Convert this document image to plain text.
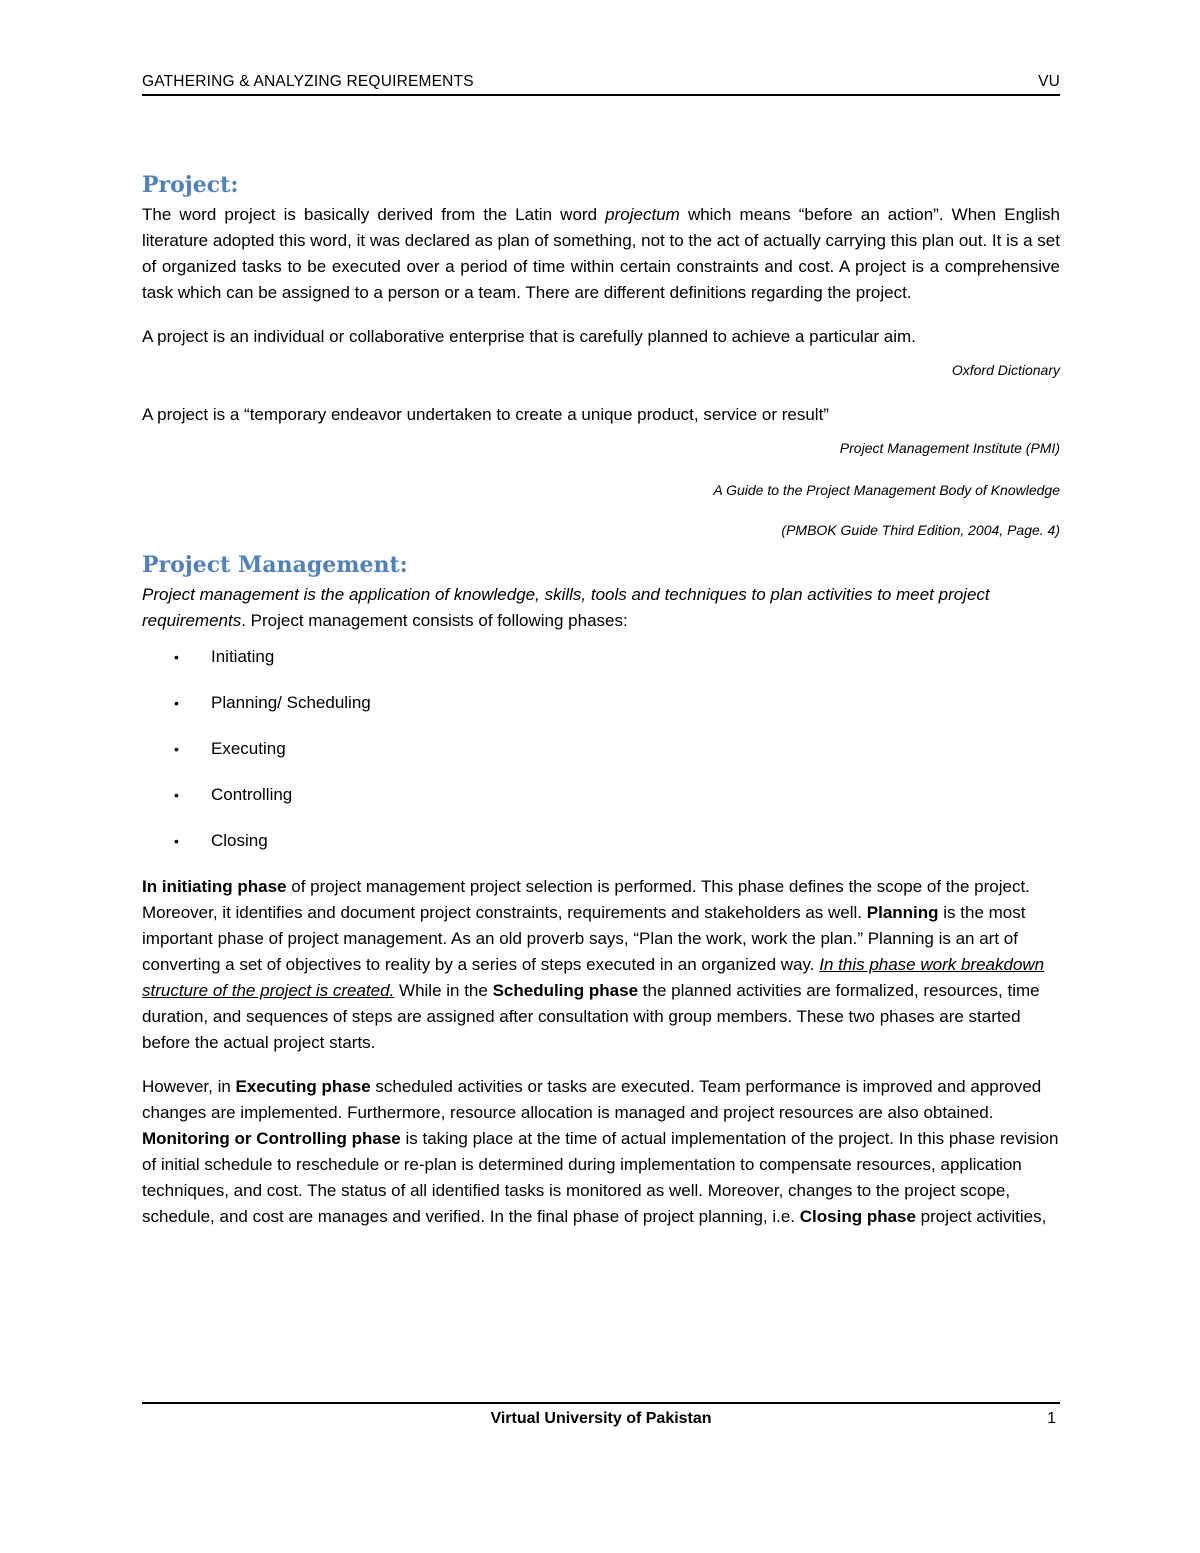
GATHERING & ANALYZING REQUIREMENTS	VU
Project:

The word project is basically derived from the Latin word projectum which means “before an action”. When English literature adopted this word, it was declared as plan of something, not to the act of actually carrying this plan out. It is a set of organized tasks to be executed over a period of time within certain constraints and cost. A project is a comprehensive task which can be assigned to a person or a team. There are different definitions regarding the project.

A project is an individual or collaborative enterprise that is carefully planned to achieve a particular aim.

Oxford Dictionary

A project is a “temporary endeavor undertaken to create a unique product, service or result”

Project Management Institute (PMI)
A Guide to the Project Management Body of Knowledge
(PMBOK Guide Third Edition, 2004, Page. 4)
Project Management:

Project management is the application of knowledge, skills, tools and techniques to plan activities to meet project requirements. Project management consists of following phases:

• Initiating
• Planning/ Scheduling
• Executing
• Controlling
• Closing

In initiating phase of project management project selection is performed. This phase defines the scope of the project. Moreover, it identifies and document project constraints, requirements and stakeholders as well. Planning is the most important phase of project management. As an old proverb says, “Plan the work, work the plan.” Planning is an art of converting a set of objectives to reality by a series of steps executed in an organized way. In this phase work breakdown structure of the project is created. While in the Scheduling phase the planned activities are formalized, resources, time duration, and sequences of steps are assigned after consultation with group members. These two phases are started before the actual project starts.

However, in Executing phase scheduled activities or tasks are executed. Team performance is improved and approved changes are implemented. Furthermore, resource allocation is managed and project resources are also obtained. Monitoring or Controlling phase is taking place at the time of actual implementation of the project. In this phase revision of initial schedule to reschedule or re-plan is determined during implementation to compensate resources, application techniques, and cost. The status of all identified tasks is monitored as well. Moreover, changes to the project scope, schedule, and cost are manages and verified. In the final phase of project planning, i.e. Closing phase project activities,

Virtual University of Pakistan	1
